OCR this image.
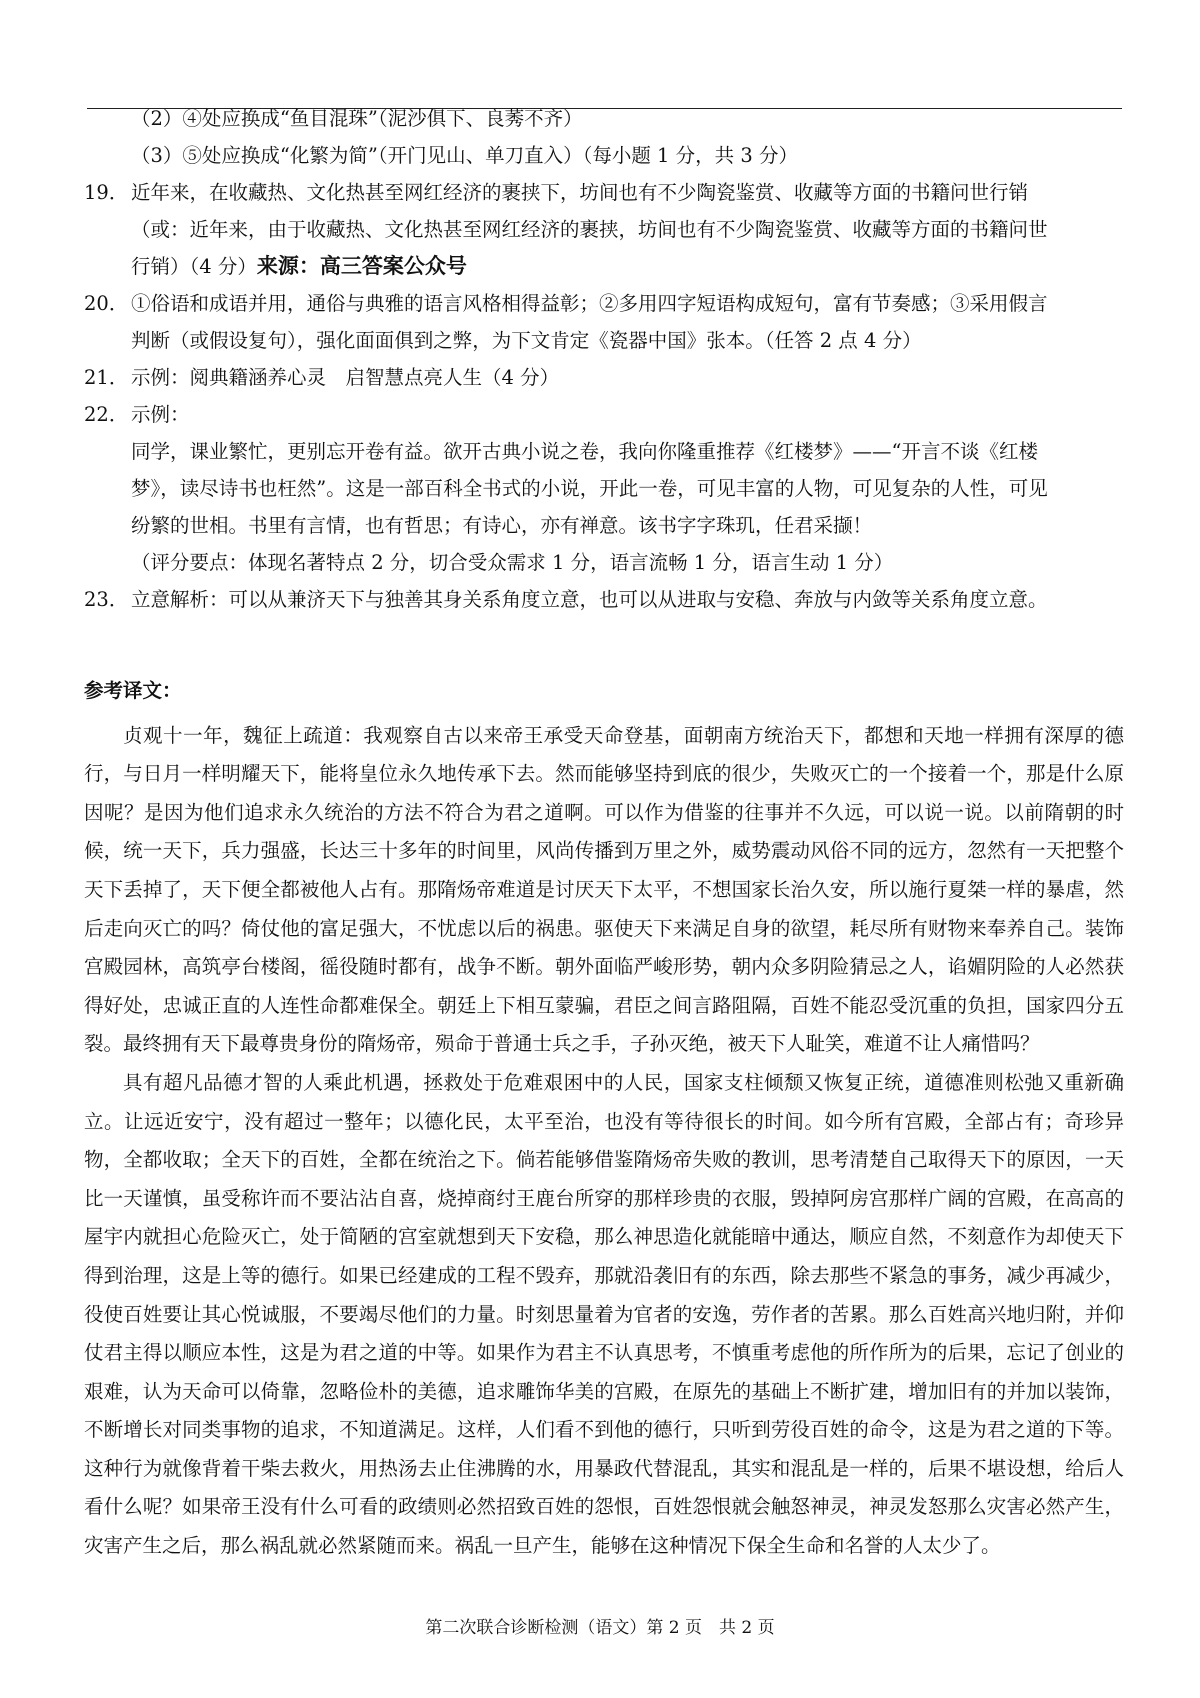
（2）④处应换成“鱼目混珠”（泥沙俱下、良莠不齐）

（3）⑤处应换成“化繁为简”（开门见山、单刀直入）（每小题 1 分，共 3 分）

19． 近年来，在收藏热、文化热甚至网红经济的裹挟下，坊间也有不少陶瓷鉴赏、收藏等方面的书籍问世行销

（或：近年来，由于收藏热、文化热甚至网红经济的裹挟，坊间也有不少陶瓷鉴赏、收藏等方面的书籍问世

行销）（4 分）来源：高三答案公众号

20． ①俗语和成语并用，通俗与典雅的语言风格相得益彰；②多用四字短语构成短句，富有节奏感；③采用假言

判断（或假设复句），强化面面俱到之弊，为下文肯定《瓷器中国》张本。（任答 2 点 4 分）

21． 示例：阅典籍涵养心灵　启智慧点亮人生（4 分）

22． 示例：

同学，课业繁忙，更别忘开卷有益。欲开古典小说之卷，我向你隆重推荐《红楼梦》——“开言不谈《红楼

梦》，读尽诗书也枉然”。这是一部百科全书式的小说，开此一卷，可见丰富的人物，可见复杂的人性，可见

纷繁的世相。书里有言情，也有哲思；有诗心，亦有禅意。该书字字珠玑，任君采撷！

（评分要点：体现名著特点 2 分，切合受众需求 1 分，语言流畅 1 分，语言生动 1 分）

23． 立意解析：可以从兼济天下与独善其身关系角度立意，也可以从进取与安稳、奔放与内敛等关系角度立意。

参考译文：

贞观十一年，魏征上疏道：我观察自古以来帝王承受天命登基，面朝南方统治天下，都想和天地一样拥有深厚的德行，与日月一样明耀天下，能将皇位永久地传承下去。然而能够坚持到底的很少，失败灭亡的一个接着一个，那是什么原因呢？是因为他们追求永久统治的方法不符合为君之道啊。可以作为借鉴的往事并不久远，可以说一说。以前隋朝的时候，统一天下，兵力强盛，长达三十多年的时间里，风尚传播到万里之外，威势震动风俗不同的远方，忽然有一天把整个天下丢掉了，天下便全都被他人占有。那隋炀帝难道是讨厌天下太平，不想国家长治久安，所以施行夏桀一样的暴虐，然后走向灭亡的吗？倚仗他的富足强大，不忧虑以后的祸患。驱使天下来满足自身的欲望，耗尽所有财物来奉养自己。装饰宫殿园林，高筑亭台楼阁，徭役随时都有，战争不断。朝外面临严峻形势，朝内众多阴险猜忌之人，谄媚阴险的人必然获得好处，忠诚正直的人连性命都难保全。朝廷上下相互蒙骗，君臣之间言路阻隔，百姓不能忍受沉重的负担，国家四分五裂。最终拥有天下最尊贵身份的隋炀帝，殒命于普通士兵之手，子孙灭绝，被天下人耻笑，难道不让人痛惜吗？

具有超凡品德才智的人乘此机遇，拯救处于危难艰困中的人民，国家支柱倾颓又恢复正统，道德准则松弛又重新确立。让远近安宁，没有超过一整年；以德化民，太平至治，也没有等待很长的时间。如今所有宫殿，全部占有；奇珍异物，全都收取；全天下的百姓，全都在统治之下。倘若能够借鉴隋炀帝失败的教训，思考清楚自己取得天下的原因，一天比一天谨慎，虽受称许而不要沾沾自喜，烧掉商纣王鹿台所穿的那样珍贵的衣服，毁掉阿房宫那样广阔的宫殿，在高高的屋宇内就担心危险灭亡，处于简陋的宫室就想到天下安稳，那么神思造化就能暗中通达，顺应自然，不刻意作为却使天下得到治理，这是上等的德行。如果已经建成的工程不毁弃，那就沿袭旧有的东西，除去那些不紧急的事务，减少再减少，役使百姓要让其心悦诚服，不要竭尽他们的力量。时刻思量着为官者的安逸，劳作者的苦累。那么百姓高兴地归附，并仰仗君主得以顺应本性，这是为君之道的中等。如果作为君主不认真思考，不慎重考虑他的所作所为的后果，忘记了创业的艰难，认为天命可以倚靠，忽略俭朴的美德，追求雕饰华美的宫殿，在原先的基础上不断扩建，增加旧有的并加以装饰，不断增长对同类事物的追求，不知道满足。这样，人们看不到他的德行，只听到劳役百姓的命令，这是为君之道的下等。这种行为就像背着干柴去救火，用热汤去止住沸腾的水，用暴政代替混乱，其实和混乱是一样的，后果不堪设想，给后人看什么呢？如果帝王没有什么可看的政绩则必然招致百姓的怨恨，百姓怨恨就会触怒神灵，神灵发怒那么灾害必然产生，灾害产生之后，那么祸乱就必然紧随而来。祸乱一旦产生，能够在这种情况下保全生命和名誉的人太少了。

第二次联合诊断检测（语文）第 2 页　共 2 页
